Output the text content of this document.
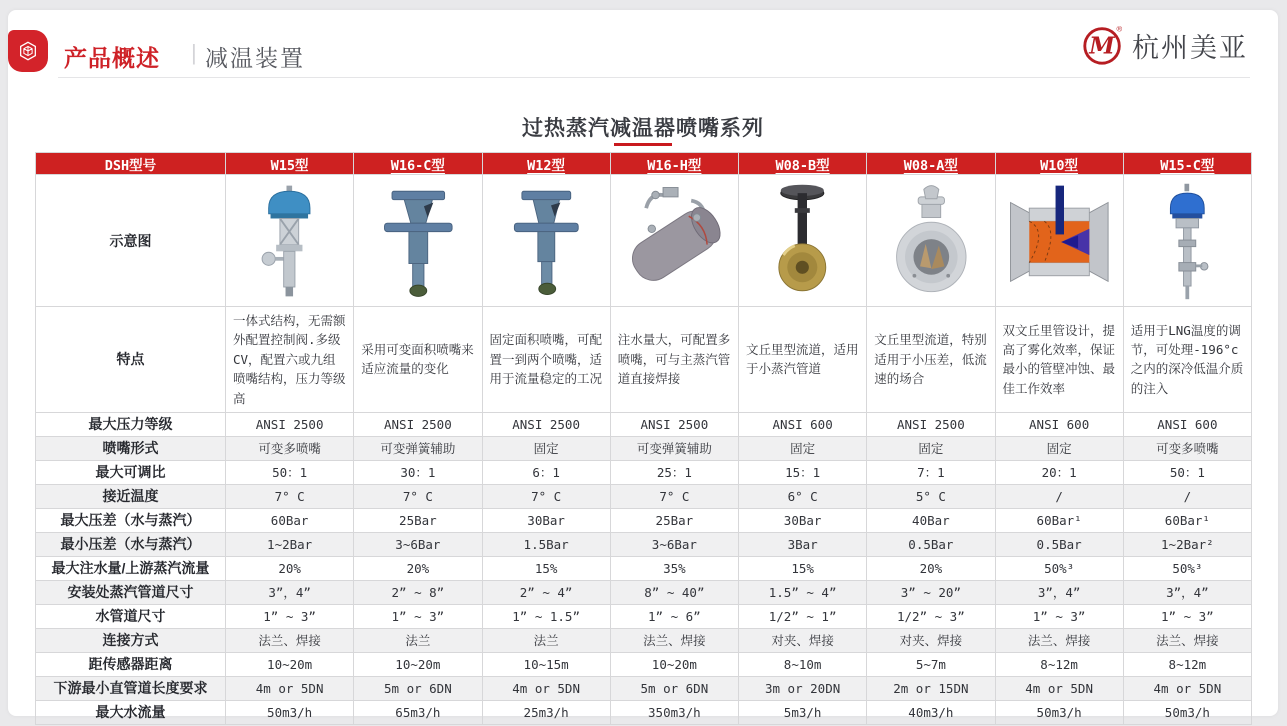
产品概述 | 减温装置	M
®
杭州美亚
过热蒸汽减温器喷嘴系列
DSH型号	W15型	W16-C型	W12型	W16-H型	W08-B型	W08-A型	W10型	W15-C型
示意图	

特点	一体式结构，无需额外配置控制阀.多级CV，配置六或九组喷嘴结构，压力等级高	采用可变面积喷嘴来适应流量的变化	固定面积喷嘴，可配置一到两个喷嘴，适用于流量稳定的工况	注水量大，可配置多喷嘴，可与主蒸汽管道直接焊接	文丘里型流道，适用于小蒸汽管道	文丘里型流道，特别适用于小压差，低流速的场合	双文丘里管设计，提高了雾化效率，保证最小的管壁冲蚀、最佳工作效率	适用于LNG温度的调节，可处理-196°c之内的深冷低温介质的注入
最大压力等级	ANSI 2500	ANSI 2500	ANSI 2500	ANSI 2500	ANSI 600	ANSI 2500	ANSI 600	ANSI 600
喷嘴形式	可变多喷嘴	可变弹簧辅助	固定	可变弹簧辅助	固定	固定	固定	可变多喷嘴
最大可调比	50：1	30：1	6：1	25：1	15：1	7：1	20：1	50：1
接近温度	7° C	7° C	7° C	7° C	6° C	5° C	/	/
最大压差（水与蒸汽）	60Bar	25Bar	30Bar	25Bar	30Bar	40Bar	60Bar¹	60Bar¹
最小压差（水与蒸汽）	1~2Bar	3~6Bar	1.5Bar	3~6Bar	3Bar	0.5Bar	0.5Bar	1~2Bar²
最大注水量/上游蒸汽流量	20%	20%	15%	35%	15%	20%	50%³	50%³
安装处蒸汽管道尺寸	3”，4”	2” ~ 8”	2” ~ 4”	8” ~ 40”	1.5” ~ 4”	3” ~ 20”	3”，4”	3”，4”
水管道尺寸	1” ~ 3”	1” ~ 3”	1” ~ 1.5”	1” ~ 6”	1/2” ~ 1”	1/2” ~ 3”	1” ~ 3”	1” ~ 3”
连接方式	法兰、焊接	法兰	法兰	法兰、焊接	对夹、焊接	对夹、焊接	法兰、焊接	法兰、焊接
距传感器距离	10~20m	10~20m	10~15m	10~20m	8~10m	5~7m	8~12m	8~12m
下游最小直管道长度要求	4m or 5DN	5m or 6DN	4m or 5DN	5m or 6DN	3m or 20DN	2m or 15DN	4m or 5DN	4m or 5DN
最大水流量	50m3/h	65m3/h	25m3/h	350m3/h	5m3/h	40m3/h	50m3/h	50m3/h
